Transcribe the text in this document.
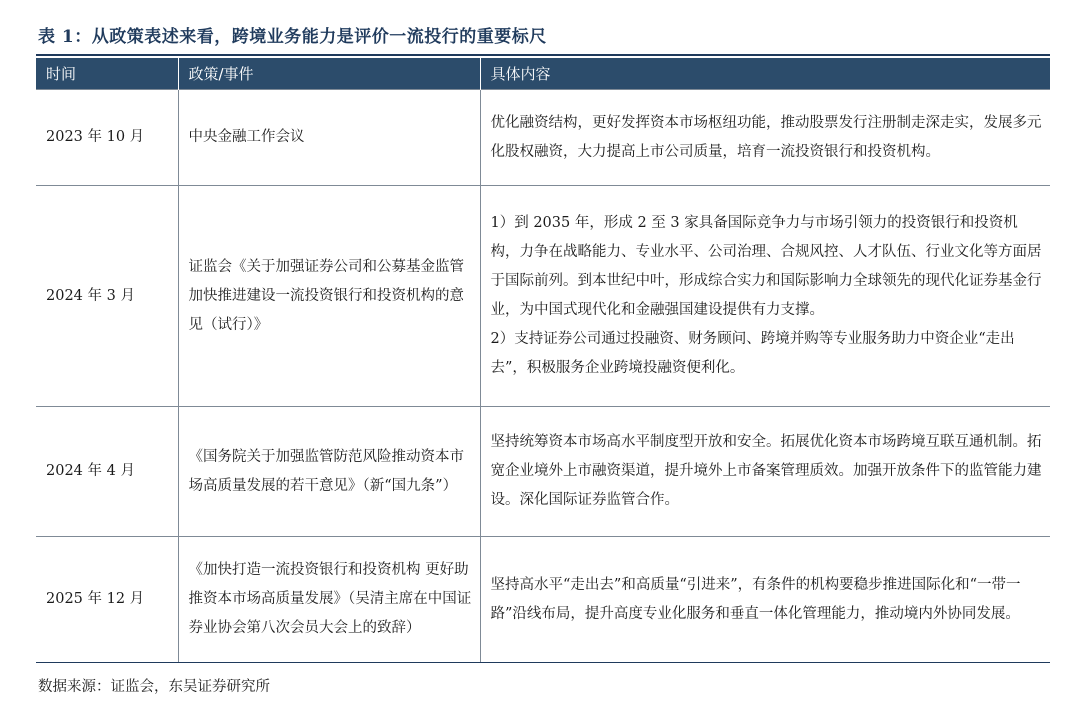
表 1：从政策表述来看，跨境业务能力是评价一流投行的重要标尺
时间	政策/事件	具体内容
2023 年 10 月	中央金融工作会议	优化融资结构，更好发挥资本市场枢纽功能，推动股票发行注册制走深走实，发展多元化股权融资，大力提高上市公司质量，培育一流投资银行和投资机构。

2024 年 3 月	证监会《关于加强证券公司和公募基金监管加快推进建设一流投资银行和投资机构的意见（试行）》	1）到 2035 年，形成 2 至 3 家具备国际竞争力与市场引领力的投资银行和投资机构，力争在战略能力、专业水平、公司治理、合规风控、人才队伍、行业文化等方面居于国际前列。到本世纪中叶，形成综合实力和国际影响力全球领先的现代化证券基金行业，为中国式现代化和金融强国建设提供有力支撑。
2）支持证券公司通过投融资、财务顾问、跨境并购等专业服务助力中资企业“走出去”，积极服务企业跨境投融资便利化。

2024 年 4 月	《国务院关于加强监管防范风险推动资本市场高质量发展的若干意见》（新“国九条”）	坚持统筹资本市场高水平制度型开放和安全。拓展优化资本市场跨境互联互通机制。拓宽企业境外上市融资渠道，提升境外上市备案管理质效。加强开放条件下的监管能力建设。深化国际证券监管合作。

2025 年 12 月	《加快打造一流投资银行和投资机构 更好助推资本市场高质量发展》（吴清主席在中国证券业协会第八次会员大会上的致辞）	坚持高水平“走出去”和高质量“引进来”，有条件的机构要稳步推进国际化和“一带一路”沿线布局，提升高度专业化服务和垂直一体化管理能力，推动境内外协同发展。
数据来源：证监会，东吴证券研究所
